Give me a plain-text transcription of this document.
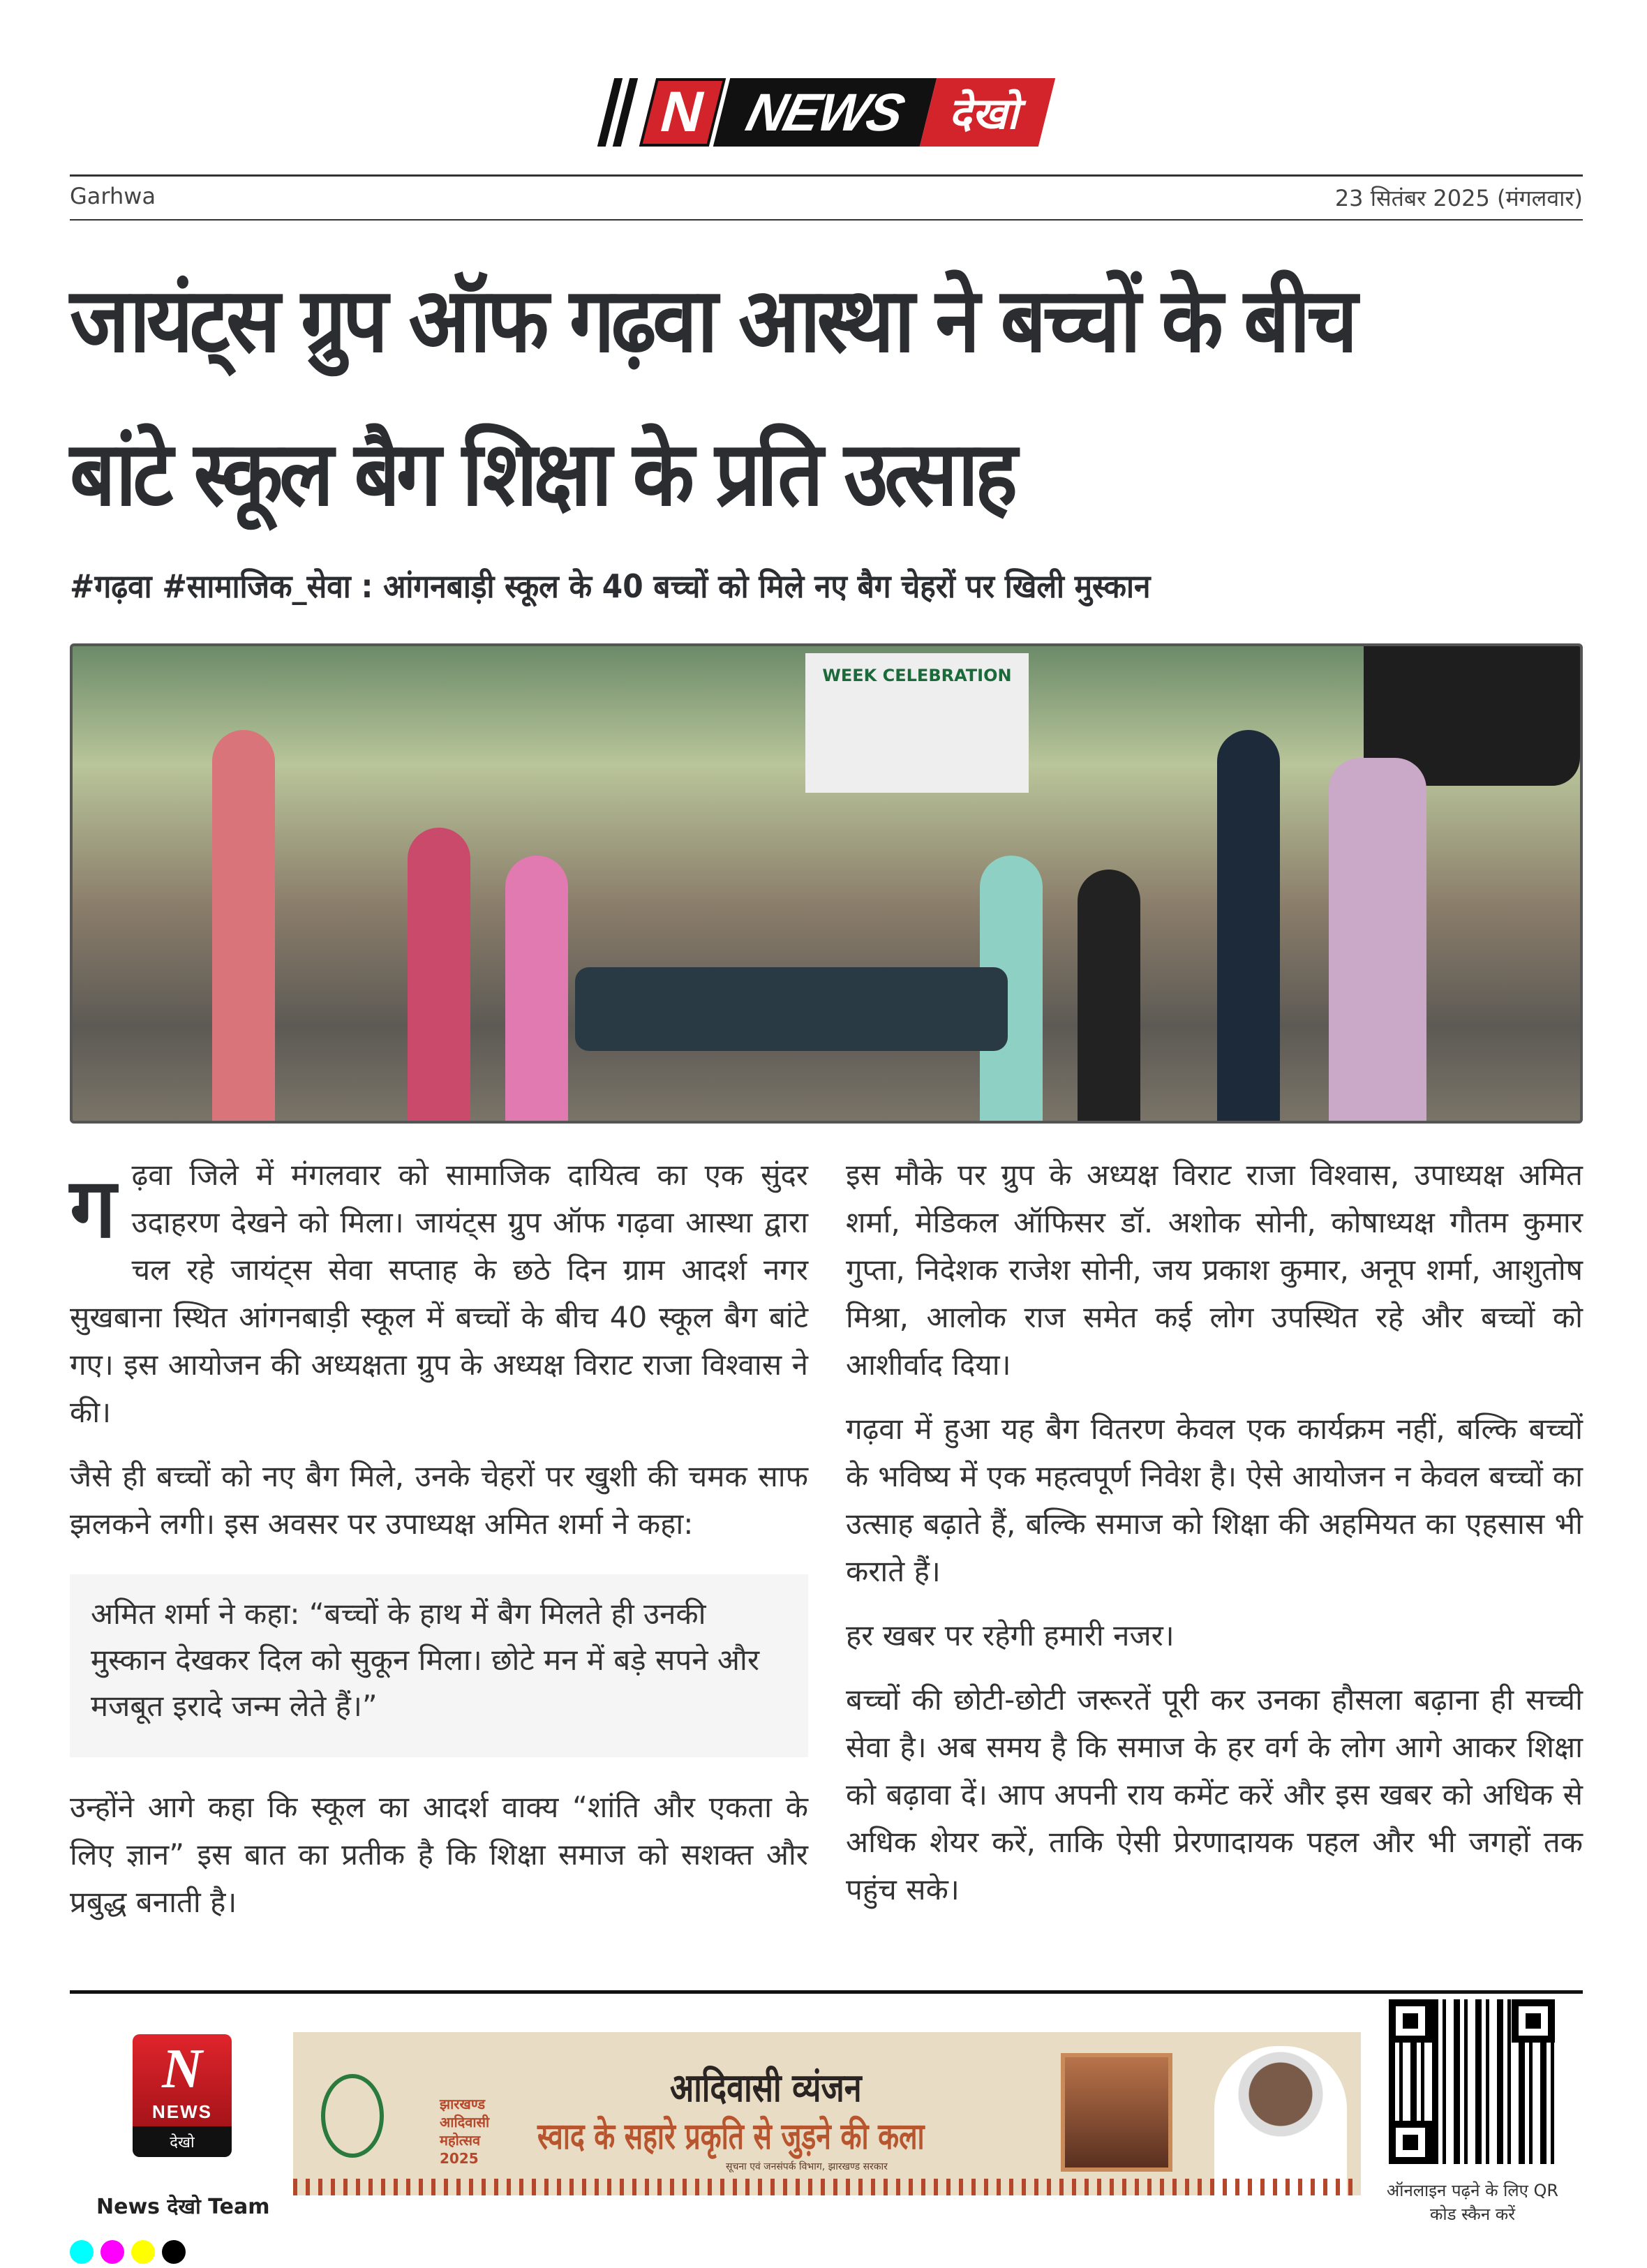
N NEWS देखो
Garhwa	23 सितंबर 2025 (मंगलवार)
जायंट्स ग्रुप ऑफ गढ़वा आस्था ने बच्चों के बीच बांटे स्कूल बैग शिक्षा के प्रति उत्साह
#गढ़वा #सामाजिक_सेवा : आंगनबाड़ी स्कूल के 40 बच्चों को मिले नए बैग चेहरों पर खिली मुस्कान
WEEK CELEBRATION

गढ़वा जिले में मंगलवार को सामाजिक दायित्व का एक सुंदर उदाहरण देखने को मिला। जायंट्स ग्रुप ऑफ गढ़वा आस्था द्वारा चल रहे जायंट्स सेवा सप्ताह के छठे दिन ग्राम आदर्श नगर सुखबाना स्थित आंगनबाड़ी स्कूल में बच्चों के बीच 40 स्कूल बैग बांटे गए। इस आयोजन की अध्यक्षता ग्रुप के अध्यक्ष विराट राजा विश्वास ने की।

जैसे ही बच्चों को नए बैग मिले, उनके चेहरों पर खुशी की चमक साफ झलकने लगी। इस अवसर पर उपाध्यक्ष अमित शर्मा ने कहा:

अमित शर्मा ने कहा: “बच्चों के हाथ में बैग मिलते ही उनकी मुस्कान देखकर दिल को सुकून मिला। छोटे मन में बड़े सपने और मजबूत इरादे जन्म लेते हैं।”

उन्होंने आगे कहा कि स्कूल का आदर्श वाक्य “शांति और एकता के लिए ज्ञान” इस बात का प्रतीक है कि शिक्षा समाज को सशक्त और प्रबुद्ध बनाती है।

इस मौके पर ग्रुप के अध्यक्ष विराट राजा विश्वास, उपाध्यक्ष अमित शर्मा, मेडिकल ऑफिसर डॉ. अशोक सोनी, कोषाध्यक्ष गौतम कुमार गुप्ता, निदेशक राजेश सोनी, जय प्रकाश कुमार, अनूप शर्मा, आशुतोष मिश्रा, आलोक राज समेत कई लोग उपस्थित रहे और बच्चों को आशीर्वाद दिया।

गढ़वा में हुआ यह बैग वितरण केवल एक कार्यक्रम नहीं, बल्कि बच्चों के भविष्य में एक महत्वपूर्ण निवेश है। ऐसे आयोजन न केवल बच्चों का उत्साह बढ़ाते हैं, बल्कि समाज को शिक्षा की अहमियत का एहसास भी कराते हैं।

हर खबर पर रहेगी हमारी नजर।

बच्चों की छोटी-छोटी जरूरतें पूरी कर उनका हौसला बढ़ाना ही सच्ची सेवा है। अब समय है कि समाज के हर वर्ग के लोग आगे आकर शिक्षा को बढ़ावा दें। आप अपनी राय कमेंट करें और इस खबर को अधिक से अधिक शेयर करें, ताकि ऐसी प्रेरणादायक पहल और भी जगहों तक पहुंच सके।

N
NEWS
देखो
News देखो Team
झारखण्ड आदिवासी महोत्सव 2025
आदिवासी व्यंजन
स्वाद के सहारे प्रकृति से जुड़ने की कला
सूचना एवं जनसंपर्क विभाग, झारखण्ड सरकार
ऑनलाइन पढ़ने के लिए QR कोड स्कैन करें
